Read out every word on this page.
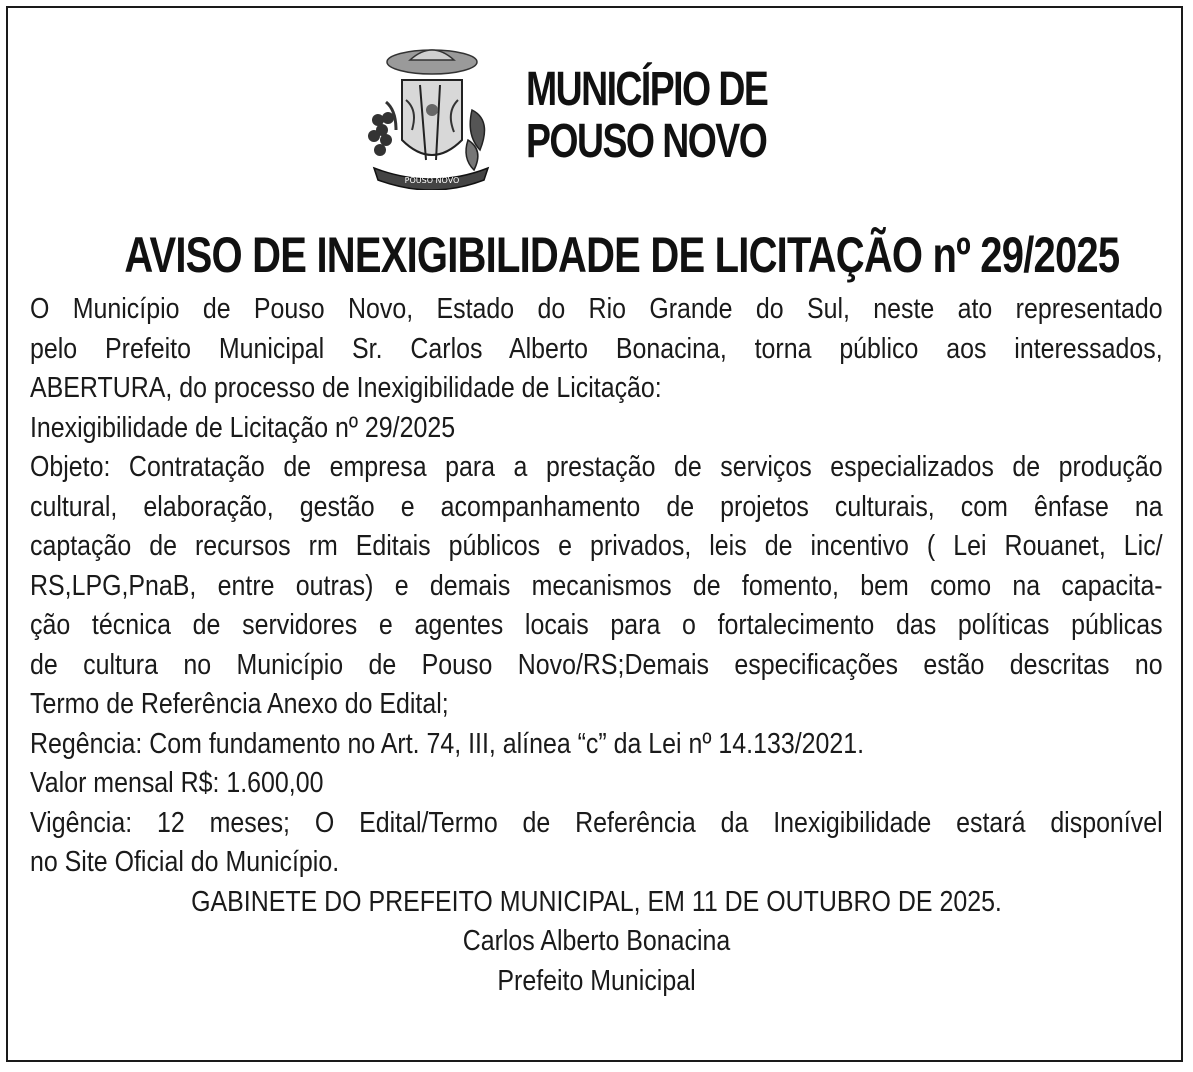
POUSO NOVO
MUNICÍPIO DE
POUSO NOVO
AVISO DE INEXIGIBILIDADE DE LICITAÇÃO nº 29/2025
O Município de Pouso Novo, Estado do Rio Grande do Sul, neste ato representado
pelo Prefeito Municipal Sr. Carlos Alberto Bonacina, torna público aos interessados,
ABERTURA, do processo de Inexigibilidade de Licitação:
Inexigibilidade de Licitação nº 29/2025
Objeto: Contratação de empresa para a prestação de serviços especializados de produção
cultural, elaboração, gestão e acompanhamento de projetos culturais, com ênfase na
captação de recursos rm Editais públicos e privados, leis de incentivo ( Lei Rouanet, Lic/
RS,LPG,PnaB, entre outras) e demais mecanismos de fomento, bem como na capacita-
ção técnica de servidores e agentes locais para o fortalecimento das políticas públicas
de cultura no Município de Pouso Novo/RS;Demais especificações estão descritas no
Termo de Referência Anexo do Edital;
Regência: Com fundamento no Art. 74, III, alínea “c” da Lei nº 14.133/2021.
Valor mensal R$: 1.600,00
Vigência: 12 meses; O Edital/Termo de Referência da Inexigibilidade estará disponível
no Site Oficial do Município.
GABINETE DO PREFEITO MUNICIPAL, EM 11 DE OUTUBRO DE 2025.
Carlos Alberto Bonacina
Prefeito Municipal
